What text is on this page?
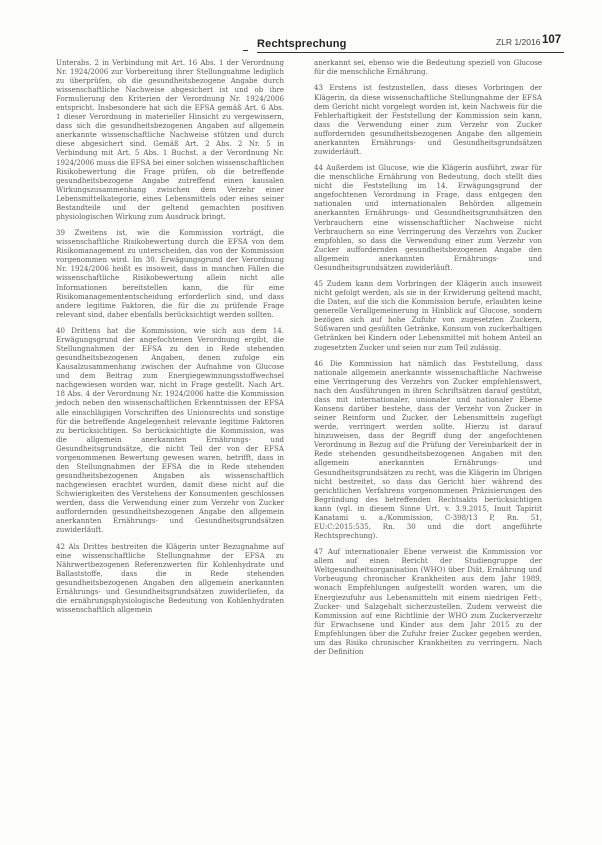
Rechtsprechung	ZLR 1/2016 107

Unterabs. 2 in Verbindung mit Art. 16 Abs. 1 der Verordnung Nr. 1924/2006 zur Vorbereitung ihrer Stellungnahme lediglich zu überprüfen, ob die gesundheitsbezogene Angabe durch wissenschaftliche Nachweise abgesichert ist und ob ihre Formulierung den Kriterien der Verordnung Nr. 1924/2006 entspricht. Insbesondere hat sich die EFSA gemäß Art. 6 Abs. 1 dieser Verordnung in materieller Hinsicht zu vergewissern, dass sich die gesundheitsbezogenen Angaben auf allgemein anerkannte wissenschaftliche Nachweise stützen und durch diese abgesichert sind. Gemäß Art. 2 Abs. 2 Nr. 5 in Verbindung mit Art. 5 Abs. 1 Buchst. a der Verordnung Nr. 1924/2006 muss die EFSA bei einer solchen wissenschaftlichen Risikobewertung die Frage prüfen, ob die betreffende gesundheitsbezogene Angabe zutreffend einen kausalen Wirkungszusammenhang zwischen dem Verzehr einer Lebensmittelkategorie, eines Lebensmittels oder eines seiner Bestandteile und der geltend gemachten positiven physiologischen Wirkung zum Ausdruck bringt.

39 Zweitens ist, wie die Kommission vorträgt, die wissenschaftliche Risikobewertung durch die EFSA von dem Risikomanagement zu unterscheiden, das von der Kommission vorgenommen wird. Im 30. Erwägungsgrund der Verordnung Nr. 1924/2006 heißt es insoweit, dass in manchen Fällen die wissenschaftliche Risikobewertung allein nicht alle Informationen bereitstellen kann, die für eine Risikomanagemententscheidung erforderlich sind, und dass andere legitime Faktoren, die für die zu prüfende Frage relevant sind, daher ebenfalls berücksichtigt werden sollten.

40 Drittens hat die Kommission, wie sich aus dem 14. Erwägungsgrund der angefochtenen Verordnung ergibt, die Stellungnahmen der EFSA zu den in Rede stehenden gesundheitsbezogenen Angaben, denen zufolge ein Kausalzusammenhang zwischen der Aufnahme von Glucose und dem Beitrag zum Energiegewinnungsstoffwechsel nachgewiesen worden war, nicht in Frage gestellt. Nach Art. 18 Abs. 4 der Verordnung Nr. 1924/2006 hatte die Kommission jedoch neben den wissenschaftlichen Erkenntnissen der EFSA alle einschlägigen Vorschriften des Unionsrechts und sonstige für die betreffende Angelegenheit relevante legitime Faktoren zu berücksichtigen. So berücksichtigte die Kommission, was die allgemein anerkannten Ernährungs- und Gesundheitsgrundsätze, die nicht Teil der von der EFSA vorgenommenen Bewertung gewesen waren, betrifft, dass in den Stellungnahmen der EFSA die in Rede stehenden gesundheitsbezogenen Angaben als wissenschaftlich nachgewiesen erachtet wurden, damit diese nicht auf die Schwierigkeiten des Verstehens der Konsumenten geschlossen werden, dass die Verwendung einer zum Verzehr von Zucker auffordernden gesundheitsbezogenen Angabe den allgemein anerkannten Ernährungs- und Gesundheitsgrundsätzen zuwiderläuft.

42 Als Drittes bestreiten die Klägerin unter Bezugnahme auf eine wissenschaftliche Stellungnahme der EFSA zu Nährwertbezogenen Referenzwerten für Kohlenhydrate und Ballaststoffe, dass die in Rede stehenden gesundheitsbezogenen Angaben den allgemein anerkannten Ernährungs- und Gesundheitsgrundsätzen zuwiderliefen, da die ernährungsphysiologische Bedeutung von Kohlenhydraten wissenschaftlich allgemein

anerkannt sei, ebenso wie die Bedeutung speziell von Glucose für die menschliche Ernährung.

43 Erstens ist festzustellen, dass dieses Vorbringen der Klägerin, da diese wissenschaftliche Stellungnahme der EFSA dem Gericht nicht vorgelegt worden ist, kein Nachweis für die Fehlerhaftigkeit der Feststellung der Kommission sein kann, dass die Verwendung einer zum Verzehr von Zucker auffordernden gesundheitsbezogenen Angabe den allgemein anerkannten Ernährungs- und Gesundheitsgrundsätzen zuwiderläuft.

44 Außerdem ist Glucose, wie die Klägerin ausführt, zwar für die menschliche Ernährung von Bedeutung, doch stellt dies nicht die Feststellung im 14. Erwägungsgrund der angefochtenen Verordnung in Frage, dass entgegen den nationalen und internationalen Behörden allgemein anerkannten Ernährungs- und Gesundheitsgrundsätzen den Verbrauchern eine wissenschaftlicher Nachweise nicht Verbrauchern so eine Verringerung des Verzehrs von Zucker empfohlen, so dass die Verwendung einer zum Verzehr von Zucker auffordernden gesundheitsbezogenen Angabe den allgemein anerkannten Ernährungs- und Gesundheitsgrundsätzen zuwiderläuft.

45 Zudem kann dem Vorbringen der Klägerin auch insoweit nicht gefolgt werden, als sie in der Erwiderung geltend macht, die Daten, auf die sich die Kommission berufe, erlaubten keine generelle Verallgemeinerung in Hinblick auf Glucose, sondern bezögen sich auf hohe Zufuhr von zugesetzten Zuckern, Süßwaren und gesüßten Getränke. Konsum von zuckerhaltigen Getränken bei Kindern oder Lebensmittel mit hohem Anteil an zugesetzten Zucker und seien nur zum Teil zulässig.

46 Die Kommission hat nämlich das Feststellung, dass nationale allgemein anerkannte wissenschaftliche Nachweise eine Verringerung des Verzehrs von Zucker empfehlenswert, nach den Ausführungen in ihren Schriftsätzen darauf gestützt, dass mit internationaler, unionaler und nationaler Ebene Konsens darüber bestehe, dass der Verzehr von Zucker in seiner Reinform und Zucker, der Lebensmitteln zugefügt werde, verringert werden sollte. Hierzu ist darauf hinzuweisen, dass der Begriff dung der angefochtenen Verordnung in Bezug auf die Prüfung der Vereinbarkeit der in Rede stehenden gesundheitsbezogenen Angaben mit den allgemein anerkannten Ernährungs- und Gesundheitsgrundsätzen zu recht, was die Klägerin im Übrigen nicht bestreitet, so dass das Gericht hier während des gerichtlichen Verfahrens vorgenommenen Präzisierungen des Begründung des betreffenden Rechtsakts berücksichtigen kann (vgl. in diesem Sinne Urt. v. 3.9.2015, Inuit Tapiriit Kanatami u. a./Kommission, C-398/13 P, Rn. 51, EU:C:2015:535, Rn. 30 und die dort angeführte Rechtsprechung).

47 Auf internationaler Ebene verweist die Kommission vor allem auf einen Bericht der Studiengruppe der Weltgesundheitsorganisation (WHO) über Diät, Ernährung und Vorbeugung chronischer Krankheiten aus dem Jahr 1989, wonach Empfehlungen aufgestellt worden waren, um die Energiezufuhr aus Lebensmitteln mit einem niedrigen Fett-, Zucker- und Salzgehalt sicherzustellen. Zudem verweist die Kommission auf eine Richtlinie der WHO zum Zuckerverzehr für Erwachsene und Kinder aus dem Jahr 2015 zu der Empfehlungen über die Zufuhr freier Zucker gegeben werden, um das Risiko chronischer Krankheiten zu verringern. Nach der Definition
